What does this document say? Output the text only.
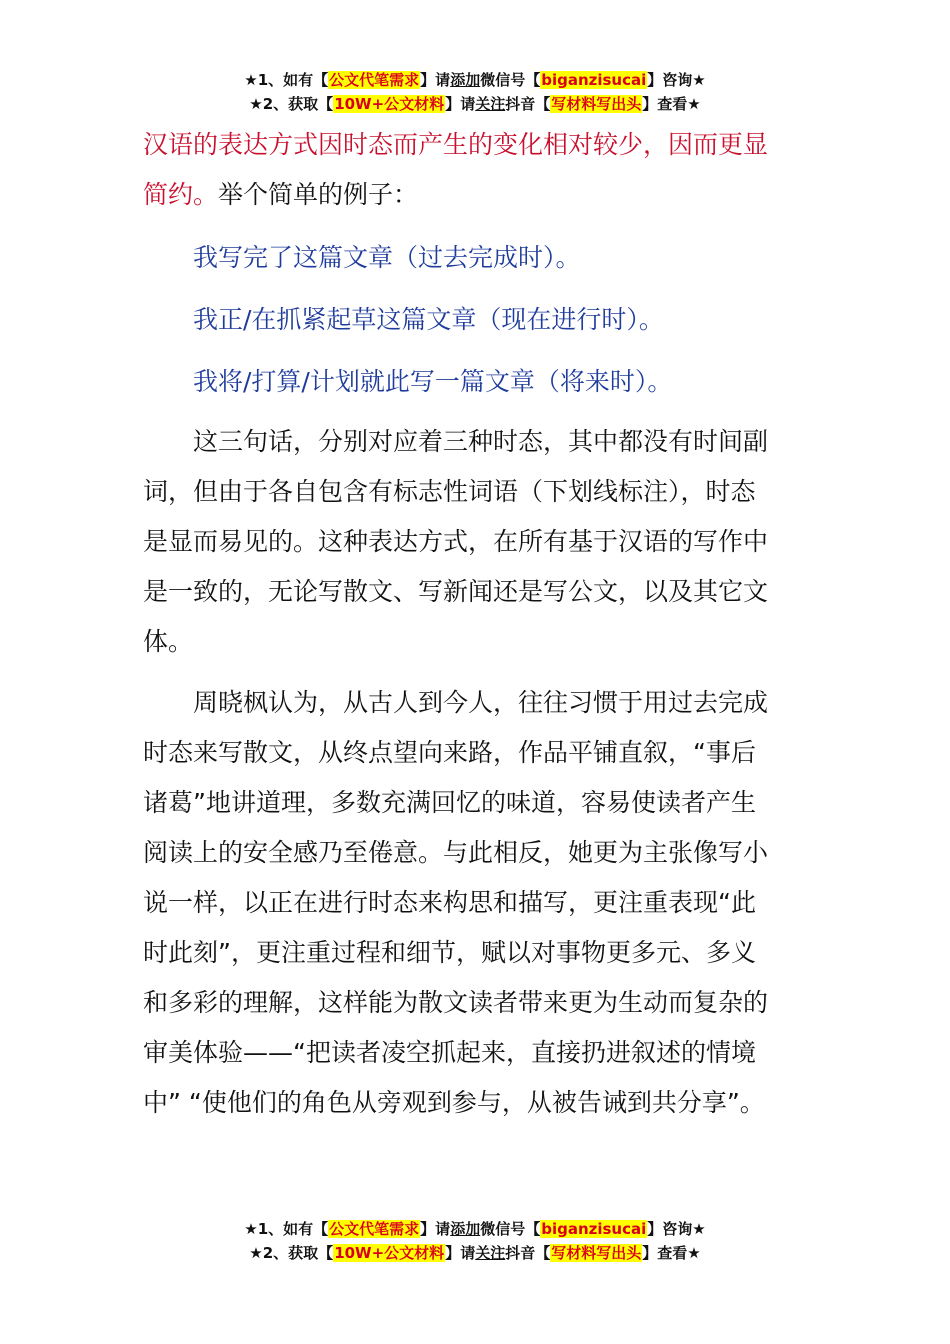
★1、如有【公文代笔需求】请添加微信号【biganzisucai】咨询★
★2、获取【10W+公文材料】请关注抖音【写材料写出头】查看★
汉语的表达方式因时态而产生的变化相对较少，因而更显
简约。举个简单的例子：
我写完了这篇文章（过去完成时）。
我正/在抓紧起草这篇文章（现在进行时）。
我将/打算/计划就此写一篇文章（将来时）。
这三句话，分别对应着三种时态，其中都没有时间副
词，但由于各自包含有标志性词语（下划线标注），时态
是显而易见的。这种表达方式，在所有基于汉语的写作中
是一致的，无论写散文、写新闻还是写公文，以及其它文
体。
周晓枫认为，从古人到今人，往往习惯于用过去完成
时态来写散文，从终点望向来路，作品平铺直叙，“事后
诸葛”地讲道理，多数充满回忆的味道，容易使读者产生
阅读上的安全感乃至倦意。与此相反，她更为主张像写小
说一样，以正在进行时态来构思和描写，更注重表现“此
时此刻”，更注重过程和细节，赋以对事物更多元、多义
和多彩的理解，这样能为散文读者带来更为生动而复杂的
审美体验——“把读者凌空抓起来，直接扔进叙述的情境
中” “使他们的角色从旁观到参与，从被告诫到共分享”。
★1、如有【公文代笔需求】请添加微信号【biganzisucai】咨询★
★2、获取【10W+公文材料】请关注抖音【写材料写出头】查看★
